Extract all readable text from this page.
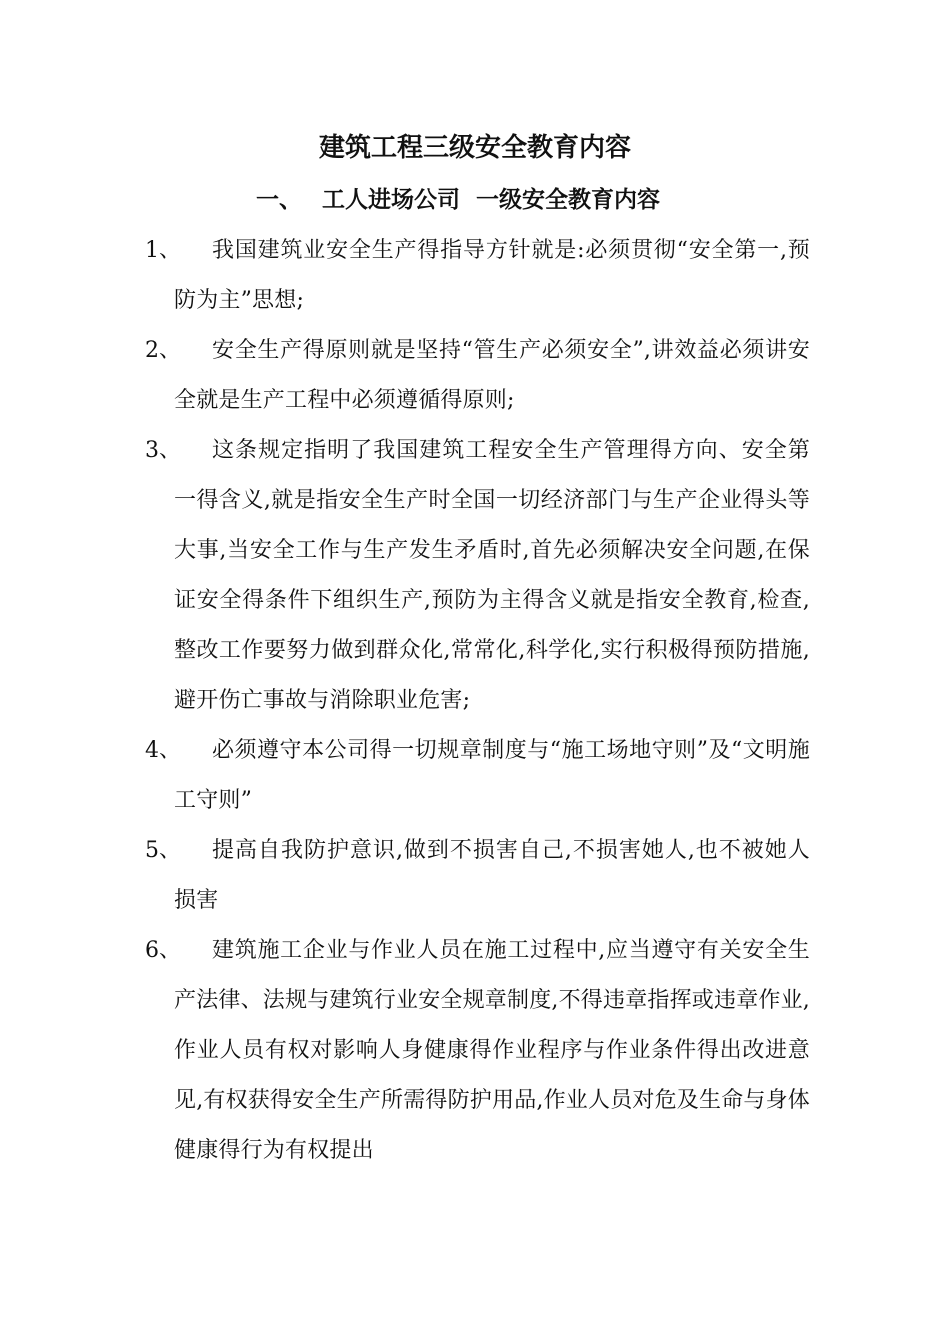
建筑工程三级安全教育内容
一、 工人进场公司  一级安全教育内容
1、	我国建筑业安全生产得指导方针就是:必须贯彻“安全第一,预防为主”思想;
2、	安全生产得原则就是坚持“管生产必须安全”,讲效益必须讲安全就是生产工程中必须遵循得原则;
3、	这条规定指明了我国建筑工程安全生产管理得方向、安全第一得含义,就是指安全生产时全国一切经济部门与生产企业得头等大事,当安全工作与生产发生矛盾时,首先必须解决安全问题,在保证安全得条件下组织生产,预防为主得含义就是指安全教育,检查,整改工作要努力做到群众化,常常化,科学化,实行积极得预防措施,避开伤亡事故与消除职业危害;
4、	必须遵守本公司得一切规章制度与“施工场地守则”及“文明施工守则”
5、	提高自我防护意识,做到不损害自己,不损害她人,也不被她人损害
6、	建筑施工企业与作业人员在施工过程中,应当遵守有关安全生产法律、法规与建筑行业安全规章制度,不得违章指挥或违章作业,作业人员有权对影响人身健康得作业程序与作业条件得出改进意见,有权获得安全生产所需得防护用品,作业人员对危及生命与身体健康得行为有权提出
